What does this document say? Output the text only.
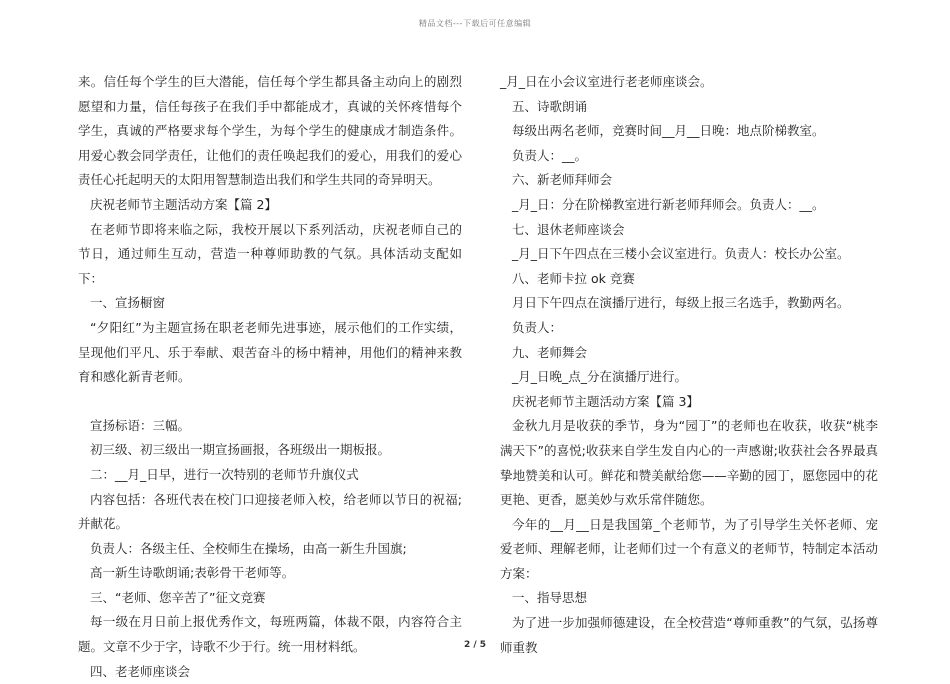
精品文档---下载后可任意编辑

来。信任每个学生的巨大潜能，信任每个学生都具备主动向上的剧烈愿望和力量，信任每孩子在我们手中都能成才，真诚的关怀疼惜每个学生，真诚的严格要求每个学生，为每个学生的健康成才制造条件。用爱心教会同学责任，让他们的责任唤起我们的爱心，用我们的爱心责任心托起明天的太阳用智慧制造出我们和学生共同的奇异明天。

庆祝老师节主题活动方案【篇 2】

在老师节即将来临之际，我校开展以下系列活动，庆祝老师自己的节日，通过师生互动，营造一种尊师助教的气氛。具体活动支配如下：

一、宣扬橱窗

“夕阳红”为主题宣扬在职老老师先进事迹，展示他们的工作实绩，呈现他们平凡、乐于奉献、艰苦奋斗的杨中精神，用他们的精神来教育和感化新青老师。

宣扬标语：三幅。

初三级、初三级出一期宣扬画报，各班级出一期板报。

二：__月_日早，进行一次特别的老师节升旗仪式

内容包括：各班代表在校门口迎接老师入校，给老师以节日的祝福;并献花。

负责人：各级主任、全校师生在操场，由高一新生升国旗;

高一新生诗歌朗诵;表彰骨干老师等。

三、“老师、您辛苦了”征文竞赛

每一级在月日前上报优秀作文，每班两篇，体裁不限，内容符合主题。文章不少于字，诗歌不少于行。统一用材料纸。

四、老老师座谈会

_月_日在小会议室进行老老师座谈会。

五、诗歌朗诵

每级出两名老师，竞赛时间__月__日晚：地点阶梯教室。

负责人：__。

六、新老师拜师会

_月_日：分在阶梯教室进行新老师拜师会。负责人：__。

七、退休老师座谈会

_月_日下午四点在三楼小会议室进行。负责人：校长办公室。

八、老师卡拉 ok 竞赛

月日下午四点在演播厅进行，每级上报三名选手，教勤两名。

负责人：

九、老师舞会

_月_日晚_点_分在演播厅进行。

庆祝老师节主题活动方案【篇 3】

金秋九月是收获的季节，身为“园丁”的老师也在收获，收获“桃李满天下”的喜悦;收获来自学生发自内心的一声感谢;收获社会各界最真挚地赞美和认可。鲜花和赞美献给您——辛勤的园丁，愿您园中的花更艳、更香，愿美妙与欢乐常伴随您。

今年的__月__日是我国第_个老师节，为了引导学生关怀老师、宠爱老师、理解老师，让老师们过一个有意义的老师节，特制定本活动方案：

一、指导思想

为了进一步加强师德建设，在全校营造“尊师重教”的气氛，弘扬尊师重教

2 / 5
